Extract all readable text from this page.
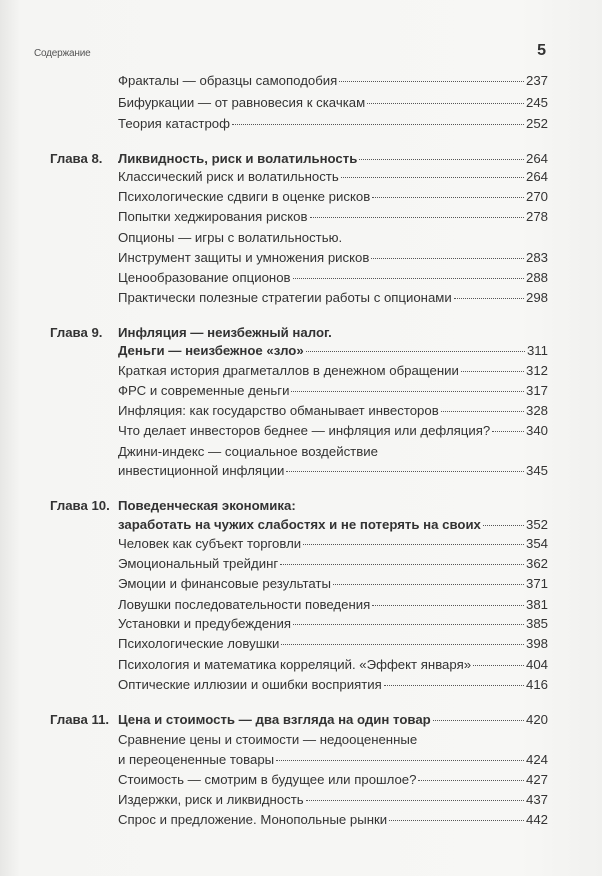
Содержание	5
Фракталы — образцы самоподобия	237
Бифуркации — от равновесия к скачкам	245
Теория катастроф	252
Глава 8. Ликвидность, риск и волатильность	264
Классический риск и волатильность	264
Психологические сдвиги в оценке рисков	270
Попытки хеджирования рисков	278
Опционы — игры с волатильностью.
Инструмент защиты и умножения рисков	283
Ценообразование опционов	288
Практически полезные стратегии работы с опционами	298
Глава 9. Инфляция — неизбежный налог.
Деньги — неизбежное «зло»	311
Краткая история драгметаллов в денежном обращении	312
ФРС и современные деньги	317
Инфляция: как государство обманывает инвесторов	328
Что делает инвесторов беднее — инфляция или дефляция?	340
Джини-индекс — социальное воздействие
инвестиционной инфляции	345
Глава 10. Поведенческая экономика:
заработать на чужих слабостях и не потерять на своих	352
Человек как субъект торговли	354
Эмоциональный трейдинг	362
Эмоции и финансовые результаты	371
Ловушки последовательности поведения	381
Установки и предубеждения	385
Психологические ловушки	398
Психология и математика корреляций. «Эффект января»	404
Оптические иллюзии и ошибки восприятия	416
Глава 11. Цена и стоимость — два взгляда на один товар	420
Сравнение цены и стоимости — недооцененные
и переоцененные товары	424
Стоимость — смотрим в будущее или прошлое?	427
Издержки, риск и ликвидность	437
Спрос и предложение. Монопольные рынки	442
